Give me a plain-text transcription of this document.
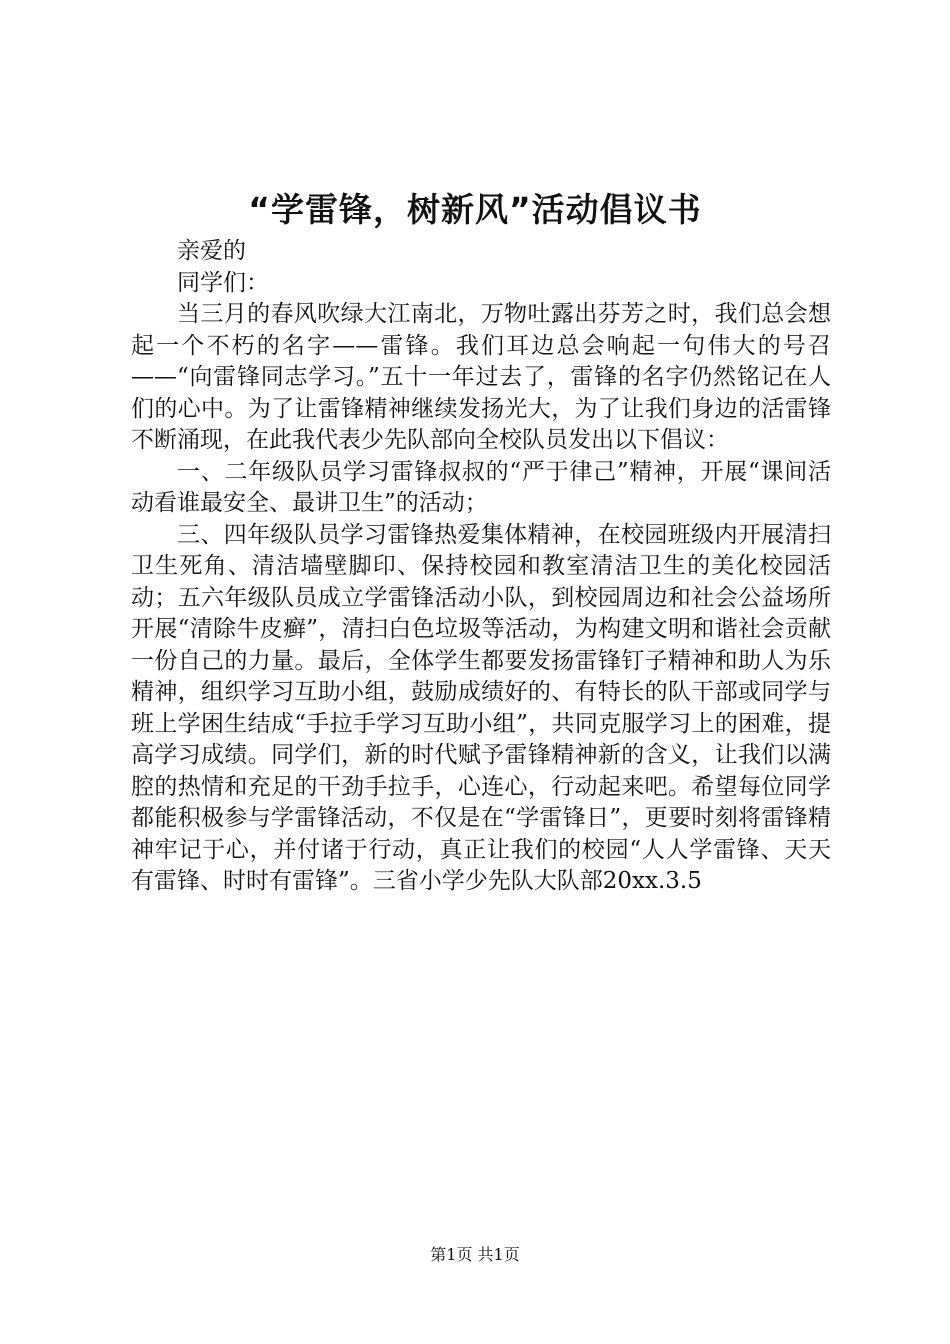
“学雷锋，树新风”活动倡议书

亲爱的

同学们：

当三月的春风吹绿大江南北，万物吐露出芬芳之时，我们总会想起一个不朽的名字——雷锋。我们耳边总会响起一句伟大的号召——“向雷锋同志学习。”五十一年过去了，雷锋的名字仍然铭记在人们的心中。为了让雷锋精神继续发扬光大，为了让我们身边的活雷锋不断涌现，在此我代表少先队部向全校队员发出以下倡议：

一、二年级队员学习雷锋叔叔的“严于律己”精神，开展“课间活动看谁最安全、最讲卫生”的活动；

三、四年级队员学习雷锋热爱集体精神，在校园班级内开展清扫卫生死角、清洁墙壁脚印、保持校园和教室清洁卫生的美化校园活动；五六年级队员成立学雷锋活动小队，到校园周边和社会公益场所开展“清除牛皮癣”，清扫白色垃圾等活动，为构建文明和谐社会贡献一份自己的力量。最后，全体学生都要发扬雷锋钉子精神和助人为乐精神，组织学习互助小组，鼓励成绩好的、有特长的队干部或同学与班上学困生结成“手拉手学习互助小组”，共同克服学习上的困难，提高学习成绩。同学们，新的时代赋予雷锋精神新的含义，让我们以满腔的热情和充足的干劲手拉手，心连心，行动起来吧。希望每位同学都能积极参与学雷锋活动，不仅是在“学雷锋日”，更要时刻将雷锋精神牢记于心，并付诸于行动，真正让我们的校园“人人学雷锋、天天有雷锋、时时有雷锋”。三省小学少先队大队部20xx.3.5

第1页 共1页
